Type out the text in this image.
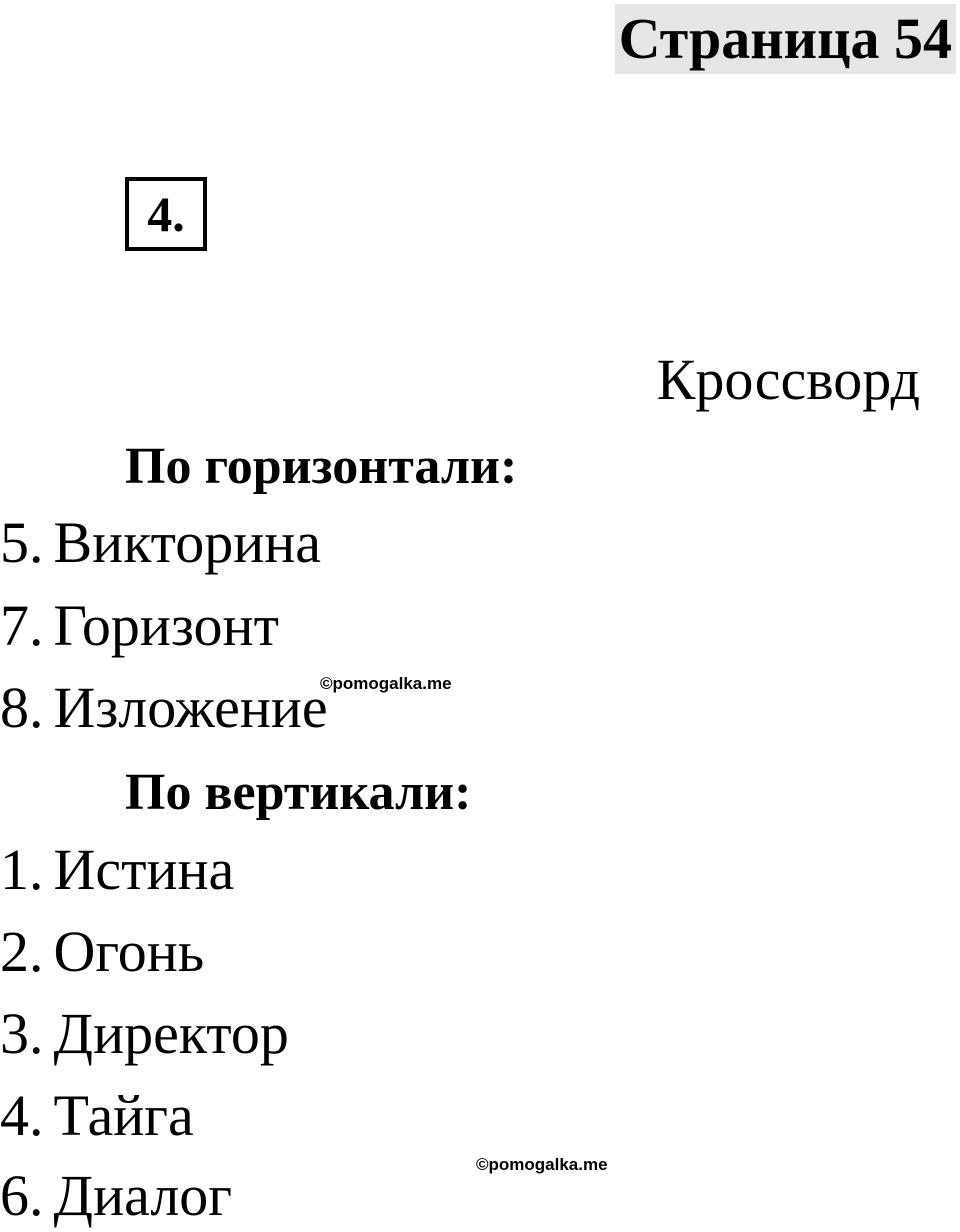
Страница 54
4.
Кроссворд
По горизонтали:
5. Викторина
7. Горизонт
8. Изложение
По вертикали:
1. Истина
2. Огонь
3. Директор
4. Тайга
6. Диалог
©pomogalka.me
©pomogalka.me
